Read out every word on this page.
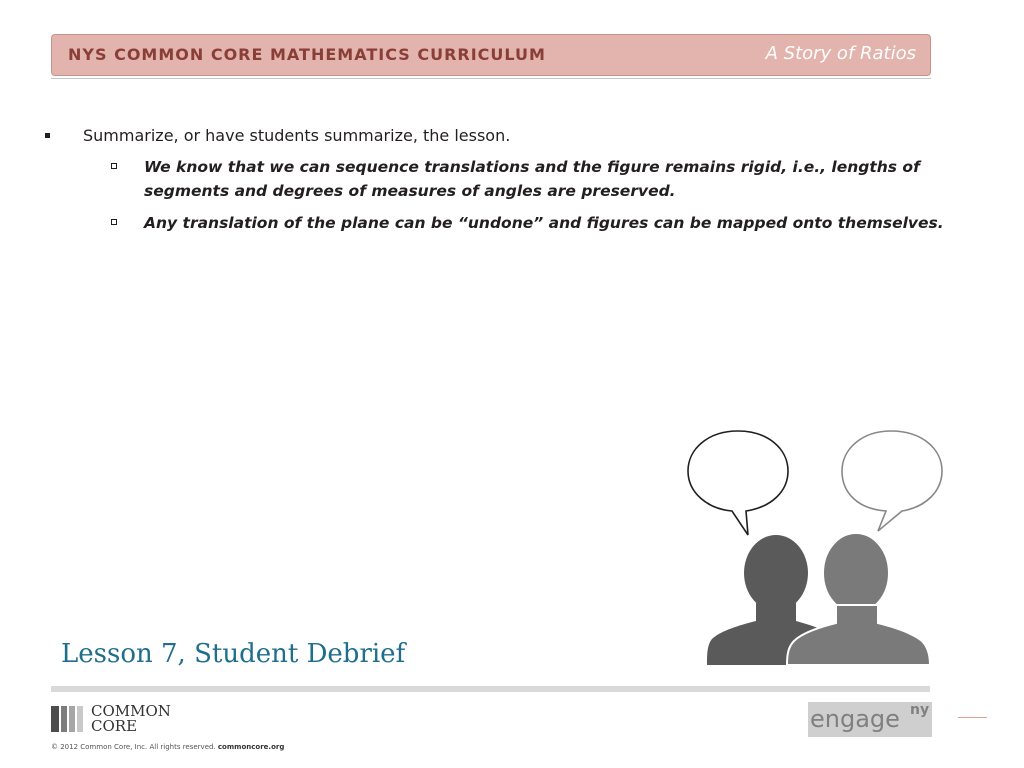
NYS COMMON CORE MATHEMATICS CURRICULUM	A Story of Ratios
Summarize, or have students summarize, the lesson.
We know that we can sequence translations and the figure remains rigid, i.e., lengths of segments and degrees of measures of angles are preserved.
Any translation of the plane can be “undone” and figures can be mapped onto themselves.
Lesson 7, Student Debrief
COMMON
CORE
© 2012 Common Core, Inc. All rights reserved. commoncore.org
engage ny
